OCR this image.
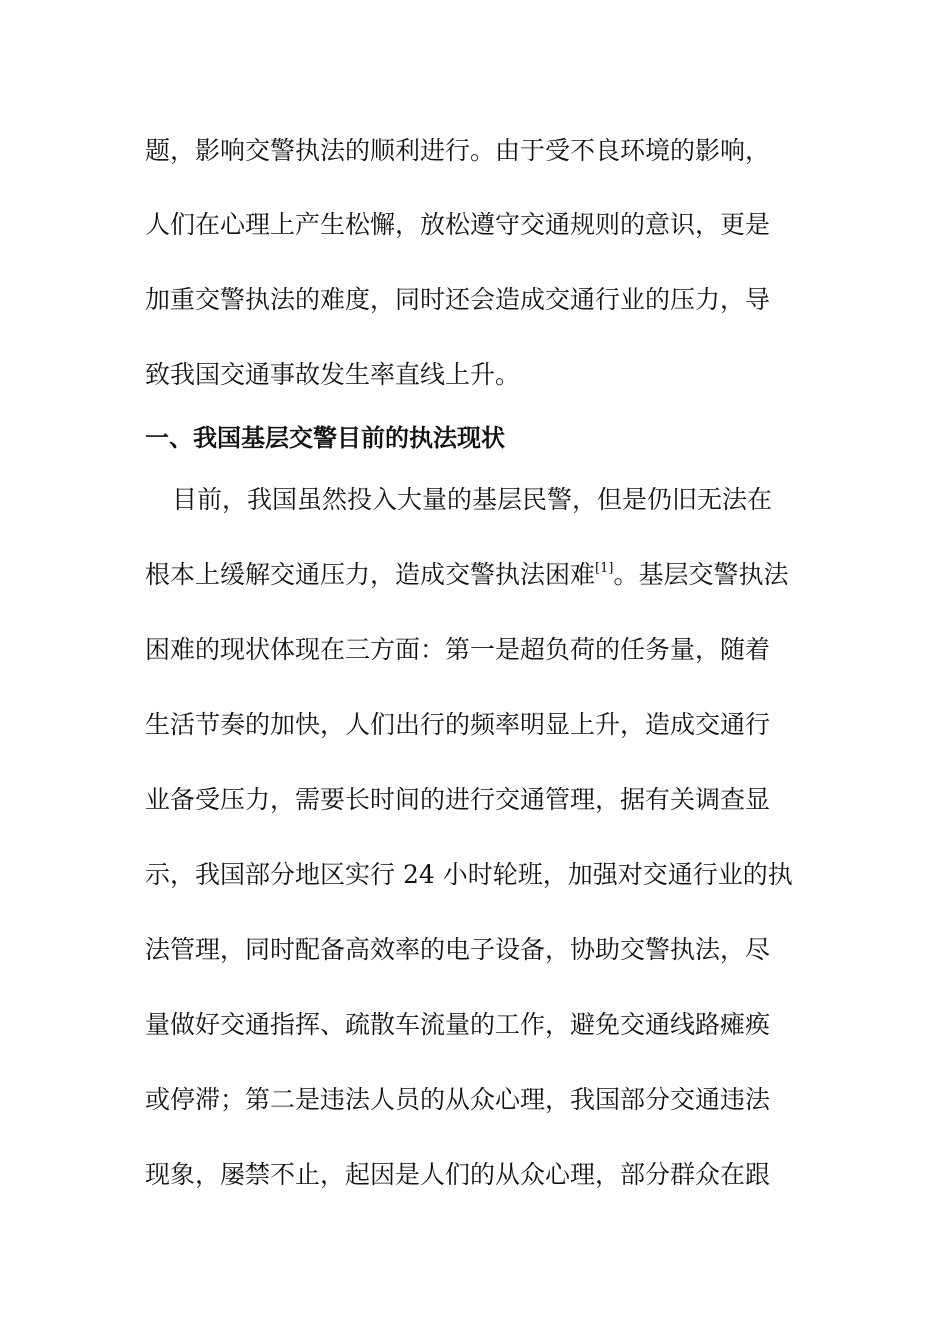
题，影响交警执法的顺利进行。由于受不良环境的影响，
人们在心理上产生松懈，放松遵守交通规则的意识，更是
加重交警执法的难度，同时还会造成交通行业的压力，导
致我国交通事故发生率直线上升。
一、我国基层交警目前的执法现状
目前，我国虽然投入大量的基层民警，但是仍旧无法在
根本上缓解交通压力，造成交警执法困难[1]。基层交警执法
困难的现状体现在三方面：第一是超负荷的任务量，随着
生活节奏的加快，人们出行的频率明显上升，造成交通行
业备受压力，需要长时间的进行交通管理，据有关调查显
示，我国部分地区实行 24 小时轮班，加强对交通行业的执
法管理，同时配备高效率的电子设备，协助交警执法，尽
量做好交通指挥、疏散车流量的工作，避免交通线路瘫痪
或停滞；第二是违法人员的从众心理，我国部分交通违法
现象，屡禁不止，起因是人们的从众心理，部分群众在跟
